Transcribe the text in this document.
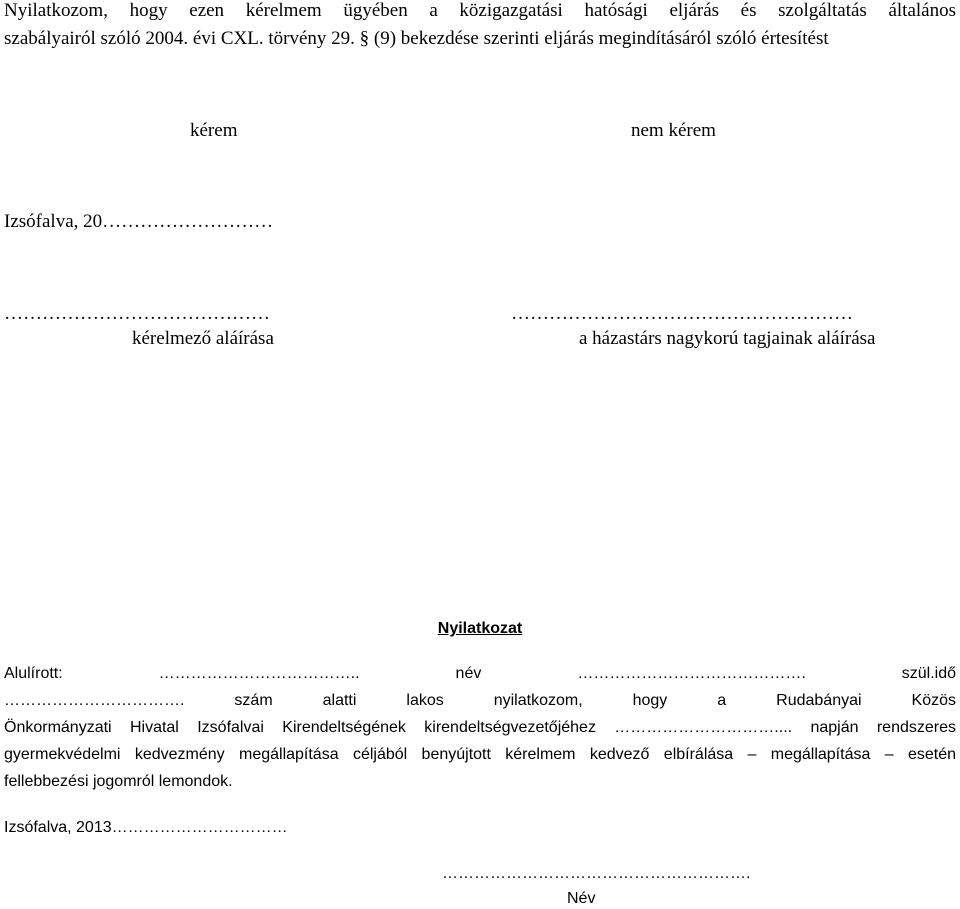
Nyilatkozom, hogy ezen kérelmem ügyében a közigazgatási hatósági eljárás és szolgáltatás általános
szabályairól szóló 2004. évi CXL. törvény 29. § (9) bekezdése szerinti eljárás megindításáról szóló értesítést
kérem	nem kérem
Izsófalva, 20………………………
……………………………………
kérelmező aláírása
………………………………………………
a házastárs nagykorú tagjainak aláírása
Nyilatkozat
Alulírott: ……………………………….. név ……………………………………. szül.idő
……………………………. szám alatti lakos nyilatkozom, hogy a Rudabányai Közös
Önkormányzati Hivatal Izsófalvai Kirendeltségének kirendeltségvezetőjéhez ………………………….... napján rendszeres
gyermekvédelmi kedvezmény megállapítása céljából benyújtott kérelmem kedvező elbírálása – megállapítása – esetén
fellebbezési jogomról lemondok.
Izsófalva, 2013……………………………
………………………………………………….
Név
